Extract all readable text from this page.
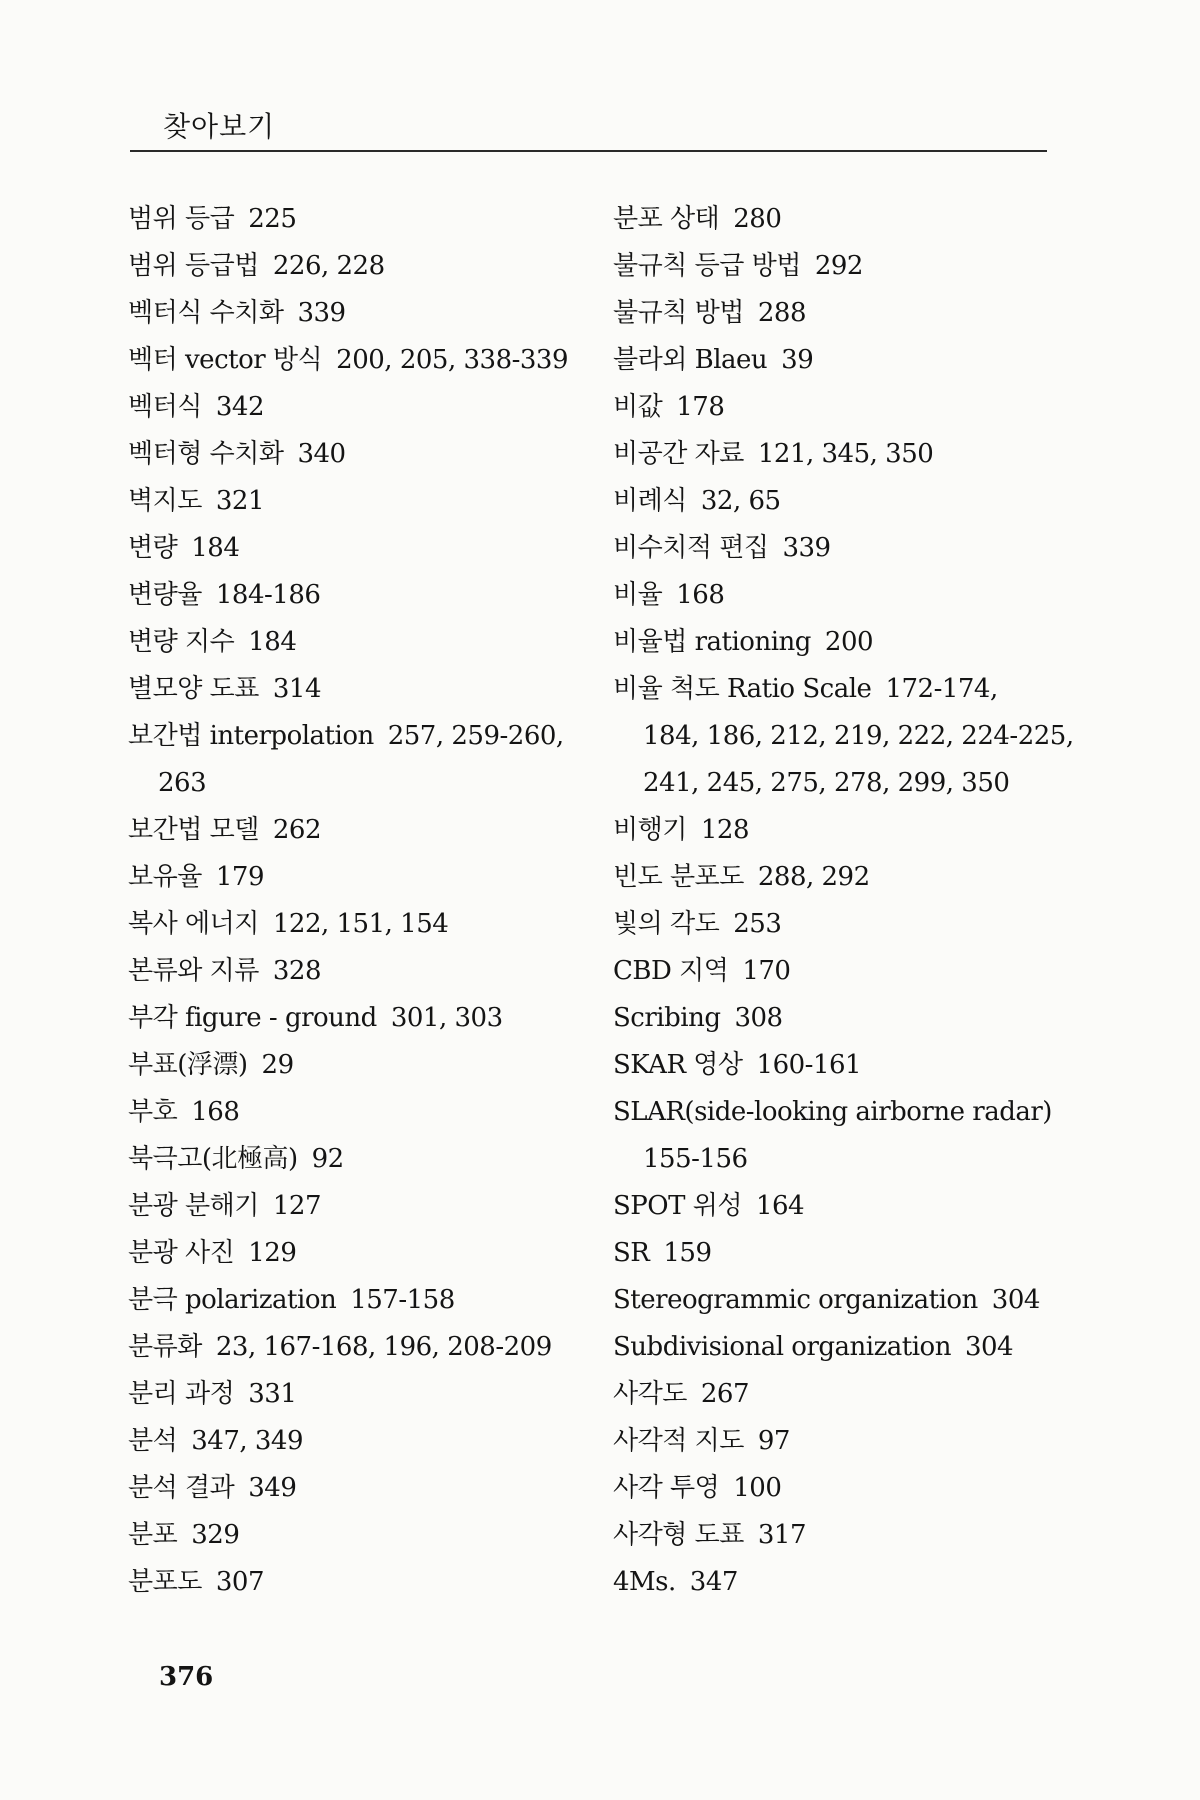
찾아보기
범위 등급 225
범위 등급법 226, 228
벡터식 수치화 339
벡터 vector 방식 200, 205, 338-339
벡터식 342
벡터형 수치화 340
벽지도 321
변량 184
변량율 184-186
변량 지수 184
별모양 도표 314
보간법 interpolation 257, 259-260,
263
보간법 모델 262
보유율 179
복사 에너지 122, 151, 154
본류와 지류 328
부각 figure - ground 301, 303
부표(浮漂) 29
부호 168
북극고(北極高) 92
분광 분해기 127
분광 사진 129
분극 polarization 157-158
분류화 23, 167-168, 196, 208-209
분리 과정 331
분석 347, 349
분석 결과 349
분포 329
분포도 307
분포 상태 280
불규칙 등급 방법 292
불규칙 방법 288
블라외 Blaeu 39
비값 178
비공간 자료 121, 345, 350
비례식 32, 65
비수치적 편집 339
비율 168
비율법 rationing 200
비율 척도 Ratio Scale 172-174,
184, 186, 212, 219, 222, 224-225,
241, 245, 275, 278, 299, 350
비행기 128
빈도 분포도 288, 292
빛의 각도 253
CBD 지역 170
Scribing 308
SKAR 영상 160-161
SLAR(side-looking airborne radar)
155-156
SPOT 위성 164
SR 159
Stereogrammic organization 304
Subdivisional organization 304
사각도 267
사각적 지도 97
사각 투영 100
사각형 도표 317
4Ms. 347
376
